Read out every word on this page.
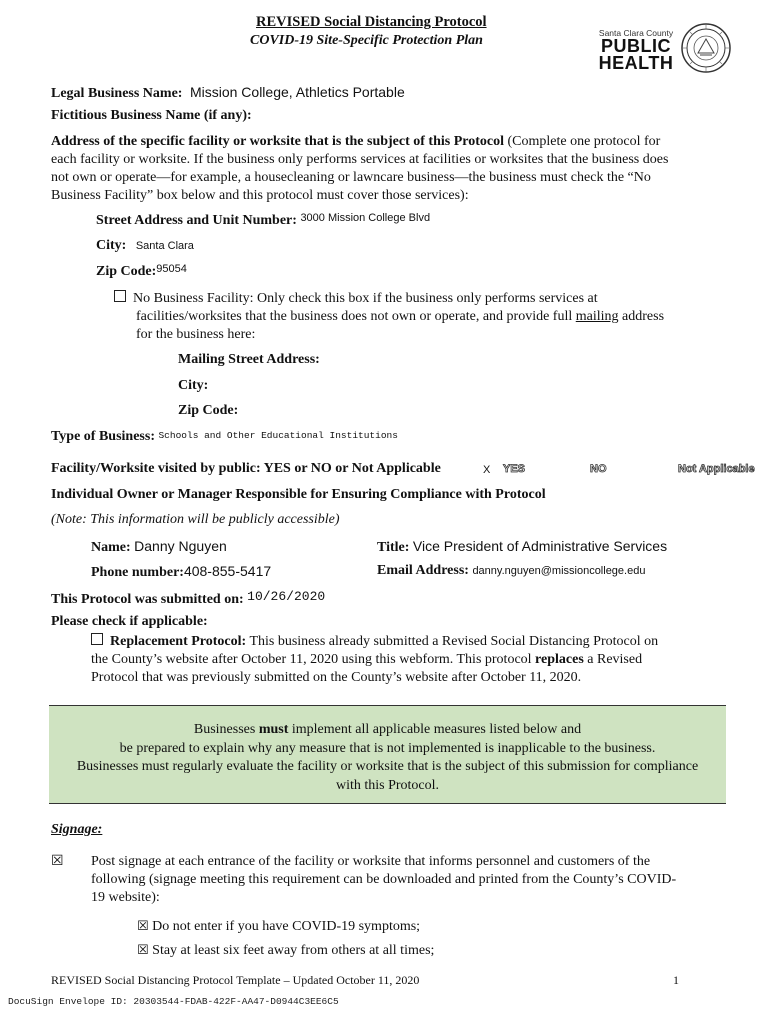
REVISED Social Distancing Protocol
COVID-19 Site-Specific Protection Plan	Santa Clara County
PUBLIC
HEALTH
Legal Business Name: Mission College, Athletics Portable
Fictitious Business Name (if any):
Address of the specific facility or worksite that is the subject of this Protocol (Complete one protocol for
each facility or worksite. If the business only performs services at facilities or worksites that the business does
not own or operate—for example, a housecleaning or lawncare business—the business must check the “No
Business Facility” box below and this protocol must cover those services):
Street Address and Unit Number: $^{3000 Mission College Blvd}$
City: Santa Clara
Zip Code:$^{95054}$
No Business Facility: Only check this box if the business only performs services at
facilities/worksites that the business does not own or operate, and provide full mailing address
for the business here:
Mailing Street Address:
City:
Zip Code:
Type of Business: Schools and Other Educational Institutions
Facility/Worksite visited by public: YES or NO or Not Applicable	X YES	NO	Not Applicable
Individual Owner or Manager Responsible for Ensuring Compliance with Protocol
(Note: This information will be publicly accessible)
Name: Danny Nguyen	Title: Vice President of Administrative Services
Phone number:408-855-5417	Email Address: danny.nguyen@missioncollege.edu
This Protocol was submitted on: 10/26/2020
Please check if applicable:
Replacement Protocol: This business already submitted a Revised Social Distancing Protocol on
the County’s website after October 11, 2020 using this webform. This protocol replaces a Revised
Protocol that was previously submitted on the County’s website after October 11, 2020.
Businesses must implement all applicable measures listed below and
be prepared to explain why any measure that is not implemented is inapplicable to the business.
Businesses must regularly evaluate the facility or worksite that is the subject of this submission for compliance
with this Protocol.
Signage:
☒ Post signage at each entrance of the facility or worksite that informs personnel and customers of the
following (signage meeting this requirement can be downloaded and printed from the County’s COVID-
19 website):
☒ Do not enter if you have COVID-19 symptoms;
☒ Stay at least six feet away from others at all times;
REVISED Social Distancing Protocol Template – Updated October 11, 2020	1
DocuSign Envelope ID: 20303544-FDAB-422F-AA47-D0944C3EE6C5
